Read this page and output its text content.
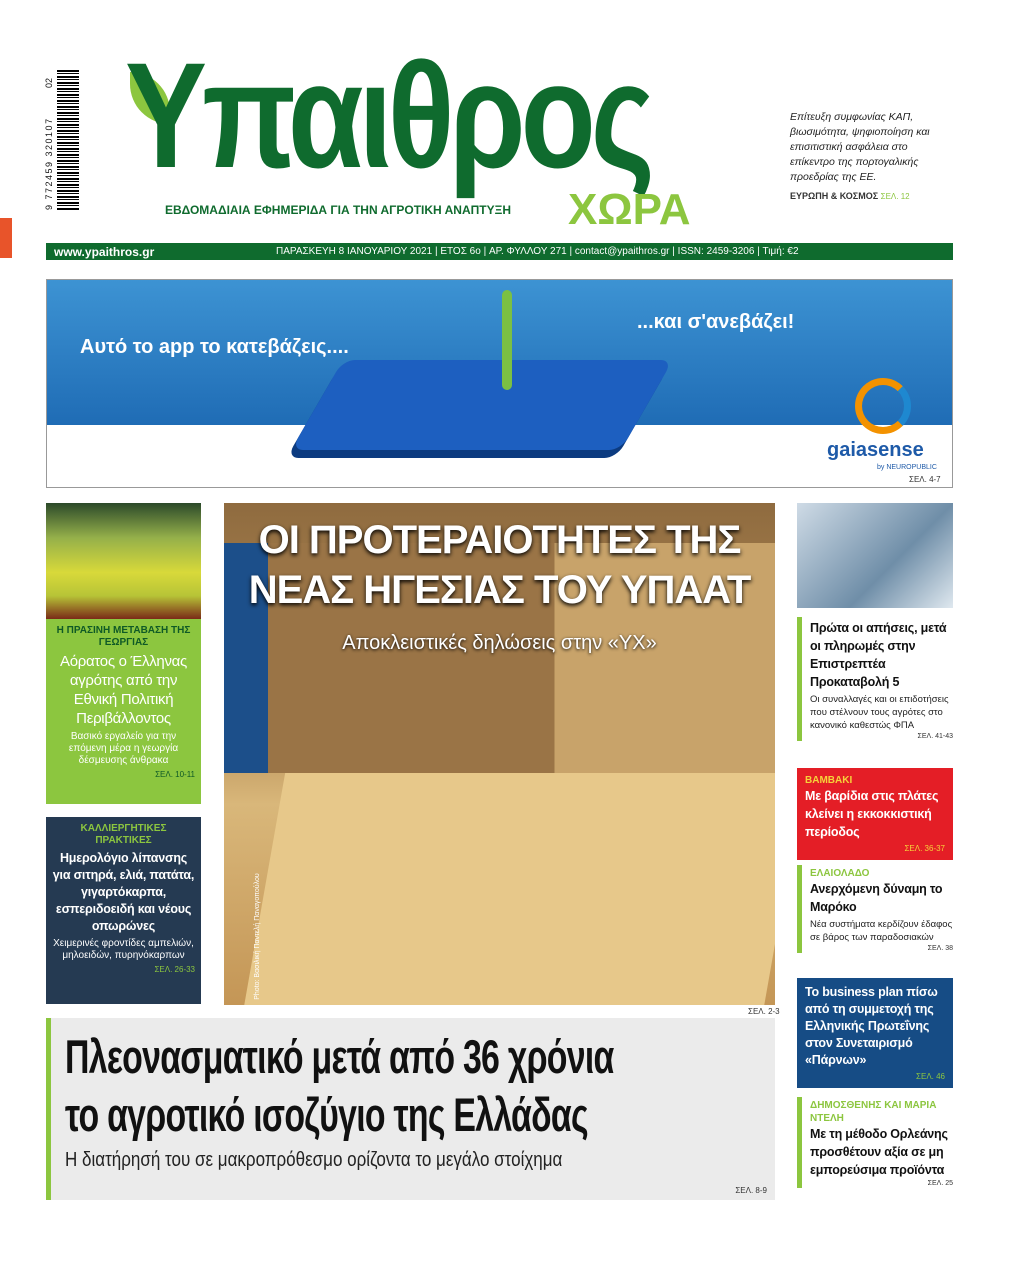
02
9 772459 320107 Υπαιθρος
ΧΩΡΑ
ΕΒΔΟΜΑΔΙΑΙΑ ΕΦΗΜΕΡΙΔΑ ΓΙΑ ΤΗΝ ΑΓΡΟΤΙΚΗ ΑΝΑΠΤΥΞΗ
Επίτευξη συμφωνίας ΚΑΠ, βιωσιμότητα, ψηφιοποίηση και επισιτιστική ασφάλεια στο επίκεντρο της πορτογαλικής προεδρίας της ΕΕ.
ΕΥΡΩΠΗ & ΚΟΣΜΟΣ ΣΕΛ. 12
www.ypaithros.gr	ΠΑΡΑΣΚΕΥΗ 8 ΙΑΝΟΥΑΡΙΟΥ 2021 | ΕΤΟΣ 6ο | ΑΡ. ΦΥΛΛΟΥ 271 | contact@ypaithros.gr | ISSN: 2459-3206 | Τιμή: €2
Αυτό το app το κατεβάζεις....
...και σ'ανεβάζει!
gaiasense
by NEUROPUBLIC
ΣΕΛ. 4-7
Η ΠΡΑΣΙΝΗ ΜΕΤΑΒΑΣΗ ΤΗΣ ΓΕΩΡΓΙΑΣ
Αόρατος ο Έλληνας αγρότης από την Εθνική Πολιτική Περιβάλλοντος
Βασικό εργαλείο για την επόμενη μέρα η γεωργία δέσμευσης άνθρακα
ΣΕΛ. 10-11
ΚΑΛΛΙΕΡΓΗΤΙΚΕΣ ΠΡΑΚΤΙΚΕΣ
Ημερολόγιο λίπανσης για σιτηρά, ελιά, πατάτα, γιγαρτόκαρπα, εσπεριδοειδή και νέους οπωρώνες
Χειμερινές φροντίδες αμπελιών, μηλοειδών, πυρηνόκαρπων
ΣΕΛ. 26-33
ΟΙ ΠΡΟΤΕΡΑΙΟΤΗΤΕΣ ΤΗΣ
ΝΕΑΣ ΗΓΕΣΙΑΣ ΤΟΥ ΥΠΑΑΤ
Αποκλειστικές δηλώσεις στην «ΥΧ»
Photo: Βασιλική Παντελή Παναγοπούλου
ΣΕΛ. 2-3
Πρώτα οι απήσεις, μετά οι πληρωμές στην Επιστρεπτέα Προκαταβολή 5
Οι συναλλαγές και οι επιδοτήσεις που στέλνουν τους αγρότες στο κανονικό καθεστώς ΦΠΑ
ΣΕΛ. 41-43
ΒΑΜΒΑΚΙ
Με βαρίδια στις πλάτες κλείνει η εκκοκκιστική περίοδος
ΣΕΛ. 36-37
ΕΛΑΙΟΛΑΔΟ
Ανερχόμενη δύναμη το Μαρόκο
Νέα συστήματα κερδίζουν έδαφος σε βάρος των παραδοσιακών
ΣΕΛ. 38
Το business plan πίσω από τη συμμετοχή της Ελληνικής Πρωτεΐνης στον Συνεταιρισμό «Πάρνων»
ΣΕΛ. 46
ΔΗΜΟΣΘΕΝΗΣ ΚΑΙ ΜΑΡΙΑ ΝΤΕΛΗ
Με τη μέθοδο Ορλεάνης προσθέτουν αξία σε μη εμπορεύσιμα προϊόντα
ΣΕΛ. 25
Πλεονασματικό μετά από 36 χρόνια
το αγροτικό ισοζύγιο της Ελλάδας
Η διατήρησή του σε μακροπρόθεσμο ορίζοντα το μεγάλο στοίχημα
ΣΕΛ. 8-9
